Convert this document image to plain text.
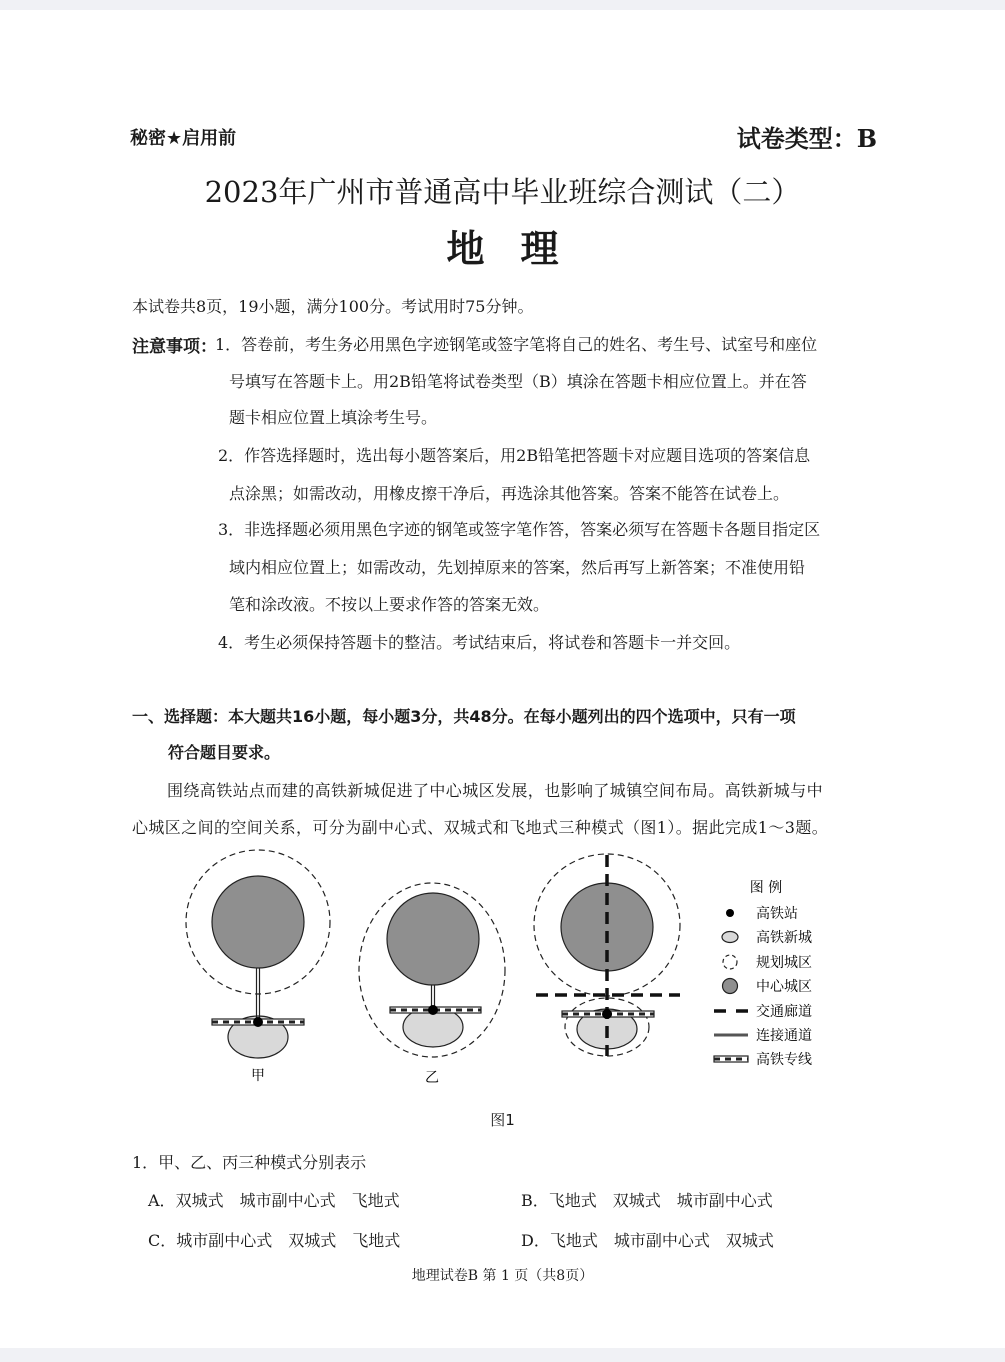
秘密★启用前	试卷类型：B
2023年广州市普通高中毕业班综合测试（二）
地理
本试卷共8页，19小题，满分100分。考试用时75分钟。
注意事项：
1．答卷前，考生务必用黑色字迹钢笔或签字笔将自己的姓名、考生号、试室号和座位
号填写在答题卡上。用2B铅笔将试卷类型（B）填涂在答题卡相应位置上。并在答
题卡相应位置上填涂考生号。
2．作答选择题时，选出每小题答案后，用2B铅笔把答题卡对应题目选项的答案信息
点涂黑；如需改动，用橡皮擦干净后，再选涂其他答案。答案不能答在试卷上。
3．非选择题必须用黑色字迹的钢笔或签字笔作答，答案必须写在答题卡各题目指定区
域内相应位置上；如需改动，先划掉原来的答案，然后再写上新答案；不准使用铅
笔和涂改液。不按以上要求作答的答案无效。
4．考生必须保持答题卡的整洁。考试结束后，将试卷和答题卡一并交回。
一、选择题：本大题共16小题，每小题3分，共48分。在每小题列出的四个选项中，只有一项
符合题目要求。
围绕高铁站点而建的高铁新城促进了中心城区发展，也影响了城镇空间布局。高铁新城与中
心城区之间的空间关系，可分为副中心式、双城式和飞地式三种模式（图1）。据此完成1～3题。
甲	乙
图 例
高铁站
高铁新城
规划城区
中心城区
交通廊道
连接通道
高铁专线
图1
1．甲、乙、丙三种模式分别表示
A．双城式　城市副中心式　飞地式	B．飞地式　双城式　城市副中心式
C．城市副中心式　双城式　飞地式	D．飞地式　城市副中心式　双城式
地理试卷B 第 1 页（共8页）
